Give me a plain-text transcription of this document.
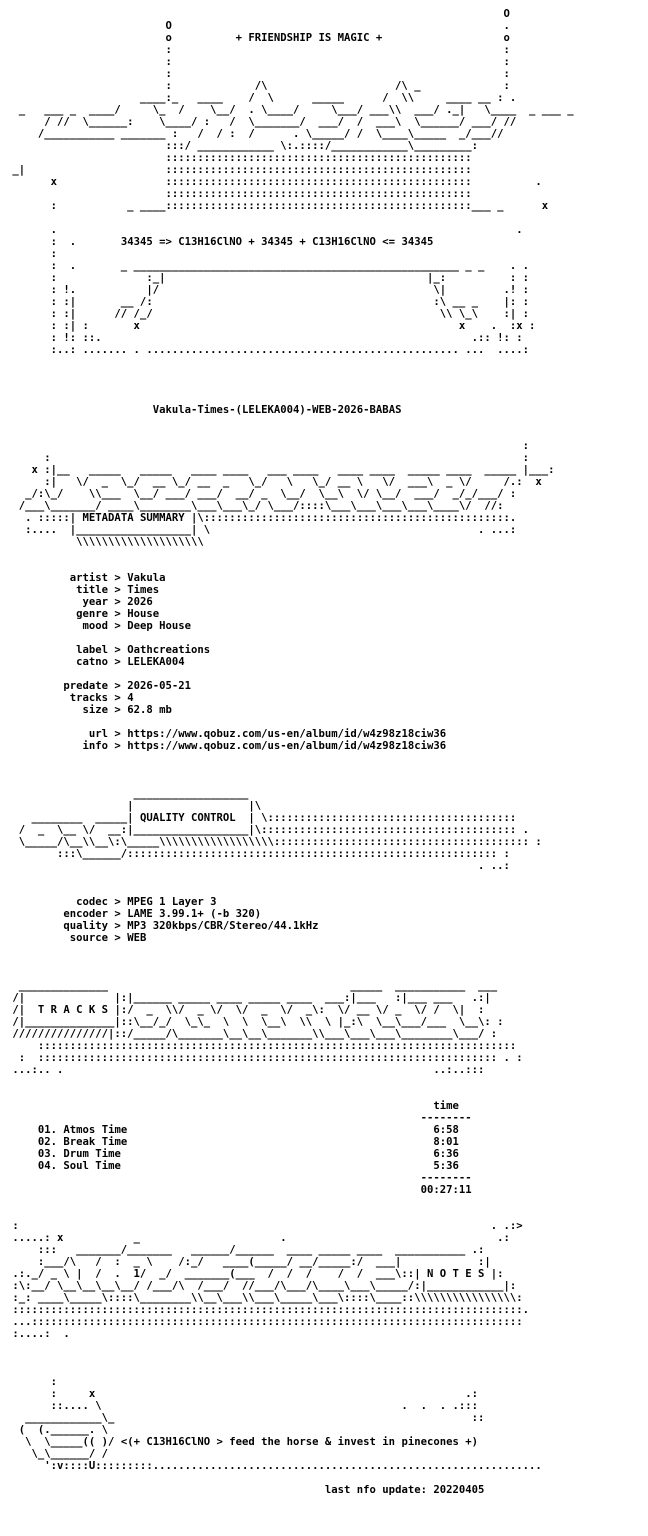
O
O                                                    .
o          + FRIENDSHIP IS MAGIC +                   o
:                                                    :
:                                                    :
:                                                    :
:             /\                    /\ _             :
____:_   ____    /  \      _____      /  \\     ____ __ : .
_   ___ _  ____/     \_  /    \__/  . \____/     \___/ ___\\  ___/ ._|   \____  _ ___ _
/ //  \______:    \____/ :   /  \_______/  ___/  /  ___\  \______/ ___/ //
/___________ _______ :   /  / :  /      . \_____/ /  \____\_____  _/___//
:::/ ____________ \:.::::/____________\_________:
::::::::::::::::::::::::::::::::::::::::::::::::
_|                      ::::::::::::::::::::::::::::::::::::::::::::::::
x                 ::::::::::::::::::::::::::::::::::::::::::::::::          .
::::::::::::::::::::::::::::::::::::::::::::::::
:           _ ____::::::::::::::::::::::::::::::::::::::::::::::::___ _      x

.                                                                        .
:  .       34345 => C13H16ClNO + 34345 + C13H16ClNO <= 34345
:
:  .       _ ___________________________________________________ _ _    . .
:              :_|                                         |_:          : :
: !.           |/                                           \|         .! :
: :|       __ /:                                            :\ __ _    |: :
: :|      // /_/                                             \\ \_\    :| :
: :| :       x                                                  x    .  :x :
: !: ::.                                                          .:: !: :
:..: ....... . ................................................. ...  ....:

Vakula-Times-(LELEKA004)-WEB-2026-BABAS

:
:                                                                          :
x :|__   _____   _____   ____ ____   ___ ____   ____ ____  _____ ____  _____ |___:
:|   \/  _  \_/  __ \_/ __  _   \_/   \   \_/ __ \   \/  ___\  _ \/     /.:  x
_/:\_/    \\___  \__/ ___/ ___/  __/ _  \__/  \__\  \/ \__/  ___/  _/_/___/ :
/___\_______/ ____\________\___\___\_/ \___/::::\___\___\___\___\____\/  //:
. :::::| METADATA SUMMARY |\::::::::::::::::::::::::::::::::::::::::::::::::.
:....  |__________________| \                                          . ...:
\\\\\\\\\\\\\\\\\\\\

artist > Vakula
title > Times
year > 2026
genre > House
mood > Deep House

label > Oathcreations
catno > LELEKA004

predate > 2026-05-21
tracks > 4
size > 62.8 mb

url > https://www.qobuz.com/us-en/album/id/w4z98z18ciw36
info > https://www.qobuz.com/us-en/album/id/w4z98z18ciw36

__________________
|                  |\
________  _____| QUALITY CONTROL  | \:::::::::::::::::::::::::::::::::::::::
/  _  \__ \/  __:|__________________|\:::::::::::::::::::::::::::::::::::::::: .
\_____/\__\\__\:\_____\\\\\\\\\\\\\\\\\\:::::::::::::::::::::::::::::::::::::::: :
:::\______/:::::::::::::::::::::::::::::::::::::::::::::::::::::::::: :
. ..:

codec > MPEG 1 Layer 3
encoder > LAME 3.99.1+ (-b 320)
quality > MP3 320kbps/CBR/Stereo/44.1kHz
source > WEB

______________                                      _____  ___________  ___
/|              |:|______ _____ ____ _____ ____  ___:|___   :|___ ___   .:|
/|  T R A C K S |:/  _  \\/  _ \/  \/  _  \/  _\:  \/ __ \/ _  \/ /  \|  :
/|______________|::\__/_/  \_\_  \  \  \__\  \\  \ |_:\  \__\___/___  \__\: :
///////////////|::/_____/\_______\__\__\_______\\___\___\___\________\___/ :
:::::::::::::::::::::::::::::::::::::::::::::::::::::::::::::::::::::::::::
:  :::::::::::::::::::::::::::::::::::::::::::::::::::::::::::::::::::::::: . :
...:.. .                                                          ..:..:::

time
--------
01. Atmos Time	6:58
02. Break Time	8:01
03. Drum Time	6:36
04. Soul Time	5:36
--------
00:27:11

:                                                                          . .:>
.....: x           _                      .                                 .:
:::   _______/_______   ______/______  ____ _____ ____  ___________ .:
:___/\   /  :  _ \    /:_/   ____(_____/ __/_____:/  ___|            :|
.:._/ _ \ |  /  .  1/  _/  _______(___  /  /  /    /  /  ___\::| N O T E S |:
:\:__/ \__\__\__\__/ /___/\  /___/  //___/\___/\____\___\_____/:|____________|:
:_: ____\_____\::::\________\\__\___\\___\_____\___\::::\____::\\\\\\\\\\\\\\\\:
::::::::::::::::::::::::::::::::::::::::::::::::::::::::::::::::::::::::::::::::.
...:::::::::::::::::::::::::::::::::::::::::::::::::::::::::::::::::::::::::::::
:....:  .

:
:     x                                                          .:
::.... \                                               .  .  . .:::
____________\_                                                        ::
(  (.______. \
\  \_____(( )/ <(+ C13H16ClNO > feed the horse & invest in pinecones +)
\_\______/ /
':v::::U:::::::::.............................................................

last nfo update: 20220405
